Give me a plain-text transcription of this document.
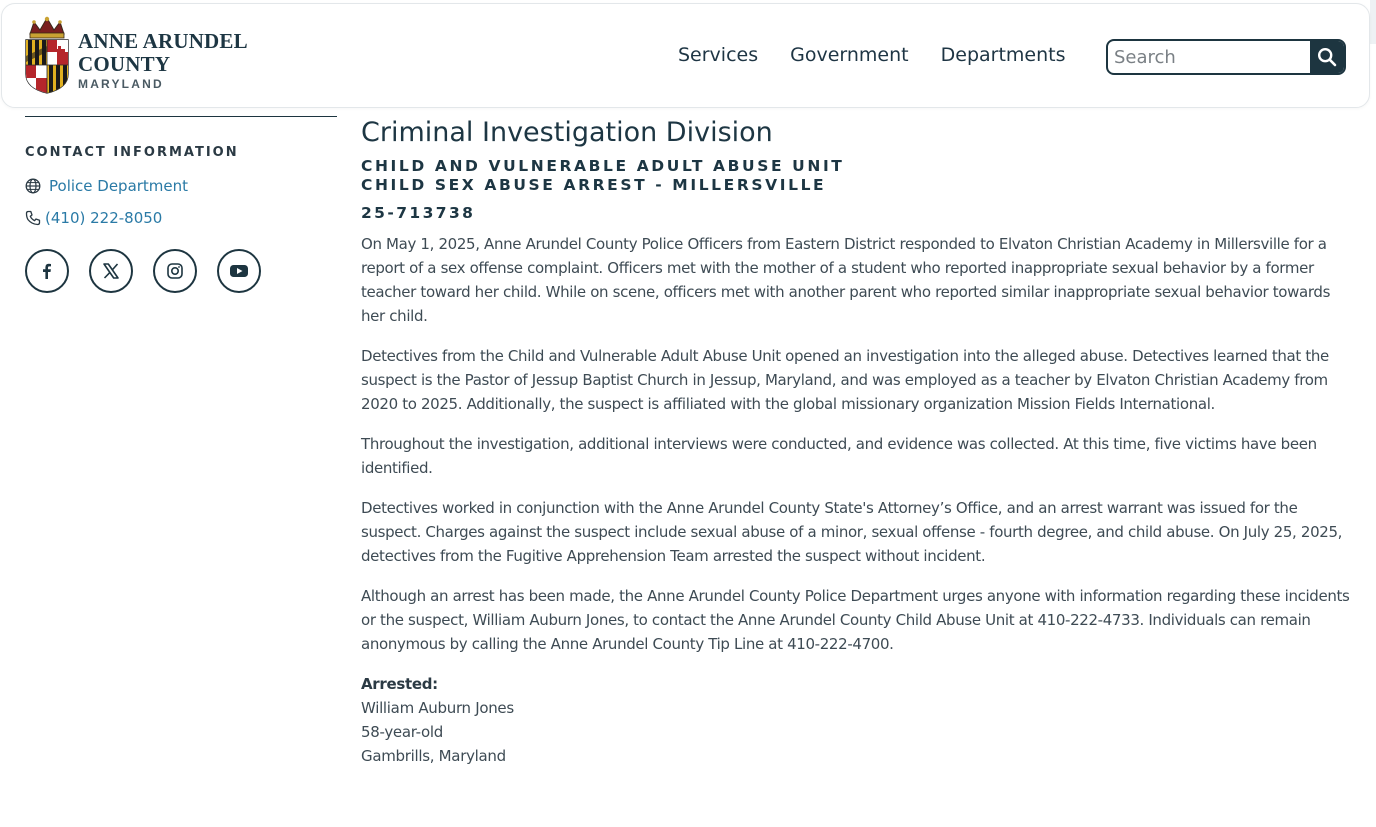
ANNE ARUNDEL
COUNTY
MARYLAND
Services Government Departments
Search
CONTACT INFORMATION
Police Department
(410) 222-8050
Criminal Investigation Division
CHILD AND VULNERABLE ADULT ABUSE UNIT
CHILD SEX ABUSE ARREST - MILLERSVILLE
25-713738

On May 1, 2025, Anne Arundel County Police Officers from Eastern District responded to Elvaton Christian Academy in Millersville for a report of a sex offense complaint. Officers met with the mother of a student who reported inappropriate sexual behavior by a former teacher toward her child. While on scene, officers met with another parent who reported similar inappropriate sexual behavior towards her child.

Detectives from the Child and Vulnerable Adult Abuse Unit opened an investigation into the alleged abuse. Detectives learned that the suspect is the Pastor of Jessup Baptist Church in Jessup, Maryland, and was employed as a teacher by Elvaton Christian Academy from 2020 to 2025. Additionally, the suspect is affiliated with the global missionary organization Mission Fields International.

Throughout the investigation, additional interviews were conducted, and evidence was collected. At this time, five victims have been identified.

Detectives worked in conjunction with the Anne Arundel County State's Attorney’s Office, and an arrest warrant was issued for the suspect. Charges against the suspect include sexual abuse of a minor, sexual offense - fourth degree, and child abuse. On July 25, 2025, detectives from the Fugitive Apprehension Team arrested the suspect without incident.

Although an arrest has been made, the Anne Arundel County Police Department urges anyone with information regarding these incidents or the suspect, William Auburn Jones, to contact the Anne Arundel County Child Abuse Unit at 410-222-4733. Individuals can remain anonymous by calling the Anne Arundel County Tip Line at 410-222-4700.

Arrested:
William Auburn Jones
58-year-old
Gambrills, Maryland
